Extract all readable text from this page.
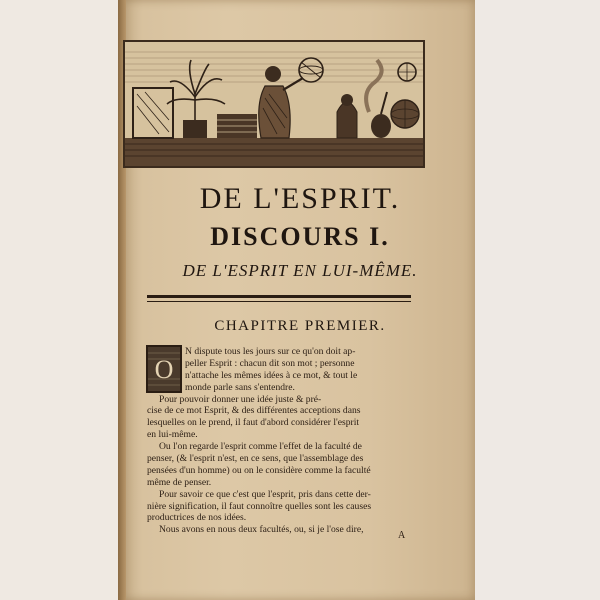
DE L'ESPRIT.
DISCOURS I.
DE L'ESPRIT EN LUI-MÊME.
CHAPITRE PREMIER.
O
N dispute tous les jours sur ce qu'on doit ap-
peller Esprit : chacun dit son mot ; personne
n'attache les mêmes idées à ce mot, & tout le
monde parle sans s'entendre.
Pour pouvoir donner une idée juste & pré-
cise de ce mot Esprit, & des différentes acceptions dans
lesquelles on le prend, il faut d'abord considérer l'esprit
en lui-même.
Ou l'on regarde l'esprit comme l'effet de la faculté de
penser, (& l'esprit n'est, en ce sens, que l'assemblage des
pensées d'un homme) ou on le considère comme la faculté
même de penser.
Pour savoir ce que c'est que l'esprit, pris dans cette der-
nière signification, il faut connoître quelles sont les causes
productrices de nos idées.
Nous avons en nous deux facultés, ou, si je l'ose dire,
A
